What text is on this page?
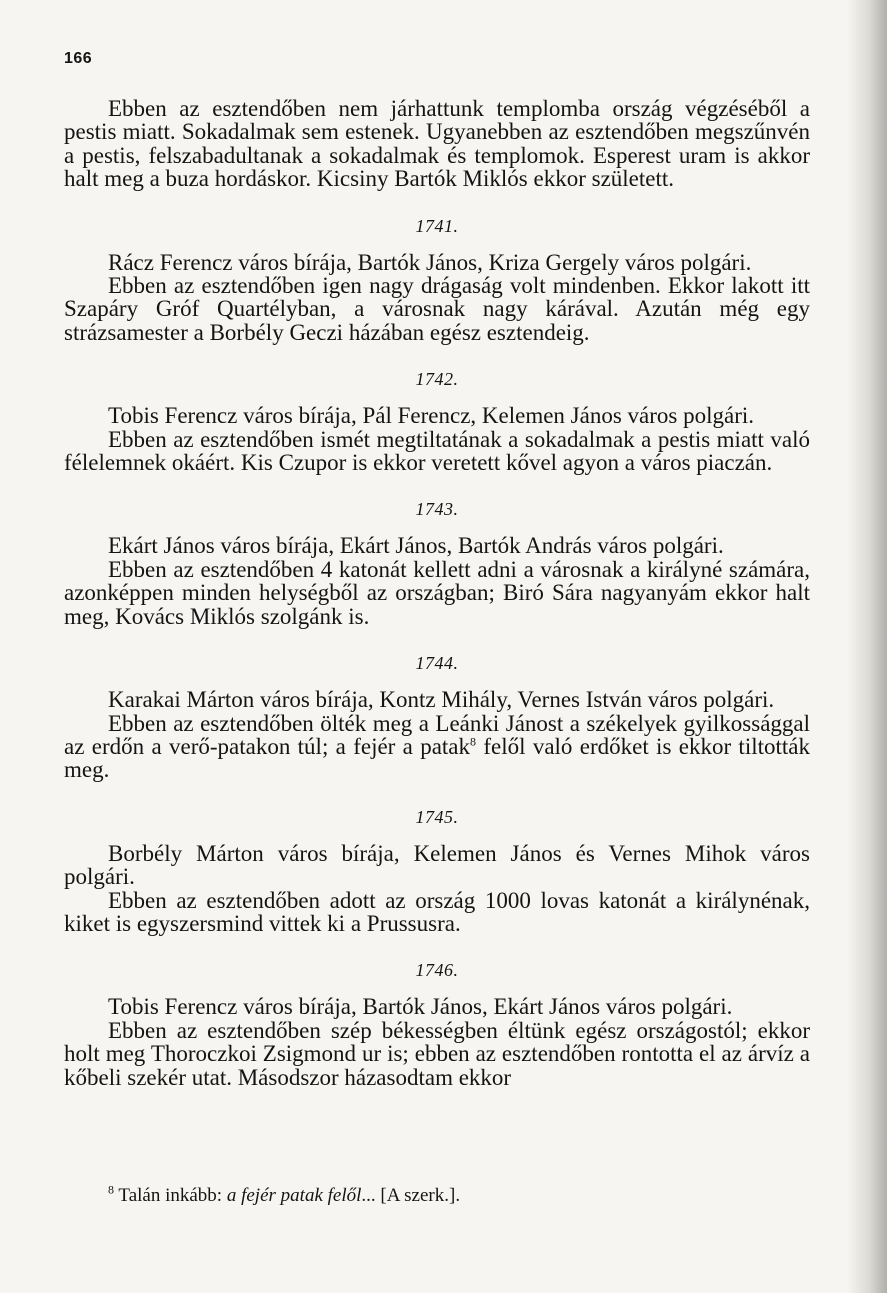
166

Ebben az esztendőben nem járhattunk templomba ország végzéséből a pestis miatt. Sokadalmak sem estenek. Ugyanebben az esztendőben megszűnvén a pestis, felszabadultanak a sokadalmak és templomok. Esperest uram is akkor halt meg a buza hordáskor. Kicsiny Bartók Miklós ekkor született.

1741.

Rácz Ferencz város bírája, Bartók János, Kriza Gergely város polgári.

Ebben az esztendőben igen nagy drágaság volt mindenben. Ekkor lakott itt Szapáry Gróf Quartélyban, a városnak nagy kárával. Azután még egy strázsamester a Borbély Geczi házában egész esztendeig.

1742.

Tobis Ferencz város bírája, Pál Ferencz, Kelemen János város polgári.

Ebben az esztendőben ismét megtiltatának a sokadalmak a pestis miatt való félelemnek okáért. Kis Czupor is ekkor veretett kővel agyon a város piaczán.

1743.

Ekárt János város bírája, Ekárt János, Bartók András város polgári.

Ebben az esztendőben 4 katonát kellett adni a városnak a királyné számára, azonképpen minden helységből az országban; Biró Sára nagyanyám ekkor halt meg, Kovács Miklós szolgánk is.

1744.

Karakai Márton város bírája, Kontz Mihály, Vernes István város polgári.

Ebben az esztendőben ölték meg a Leánki Jánost a székelyek gyilkossággal az erdőn a verő-patakon túl; a fejér a patak$^8$ felől való erdőket is ekkor tiltották meg.

1745.

Borbély Márton város bírája, Kelemen János és Vernes Mihok város polgári.

Ebben az esztendőben adott az ország 1000 lovas katonát a királynénak, kiket is egyszersmind vittek ki a Prussusra.

1746.

Tobis Ferencz város bírája, Bartók János, Ekárt János város polgári.

Ebben az esztendőben szép békességben éltünk egész országostól; ekkor holt meg Thoroczkoi Zsigmond ur is; ebben az esztendőben rontotta el az árvíz a kőbeli szekér utat. Másodszor házasodtam ekkor

$^8$ Talán inkább: a fejér patak felől... [A szerk.].
